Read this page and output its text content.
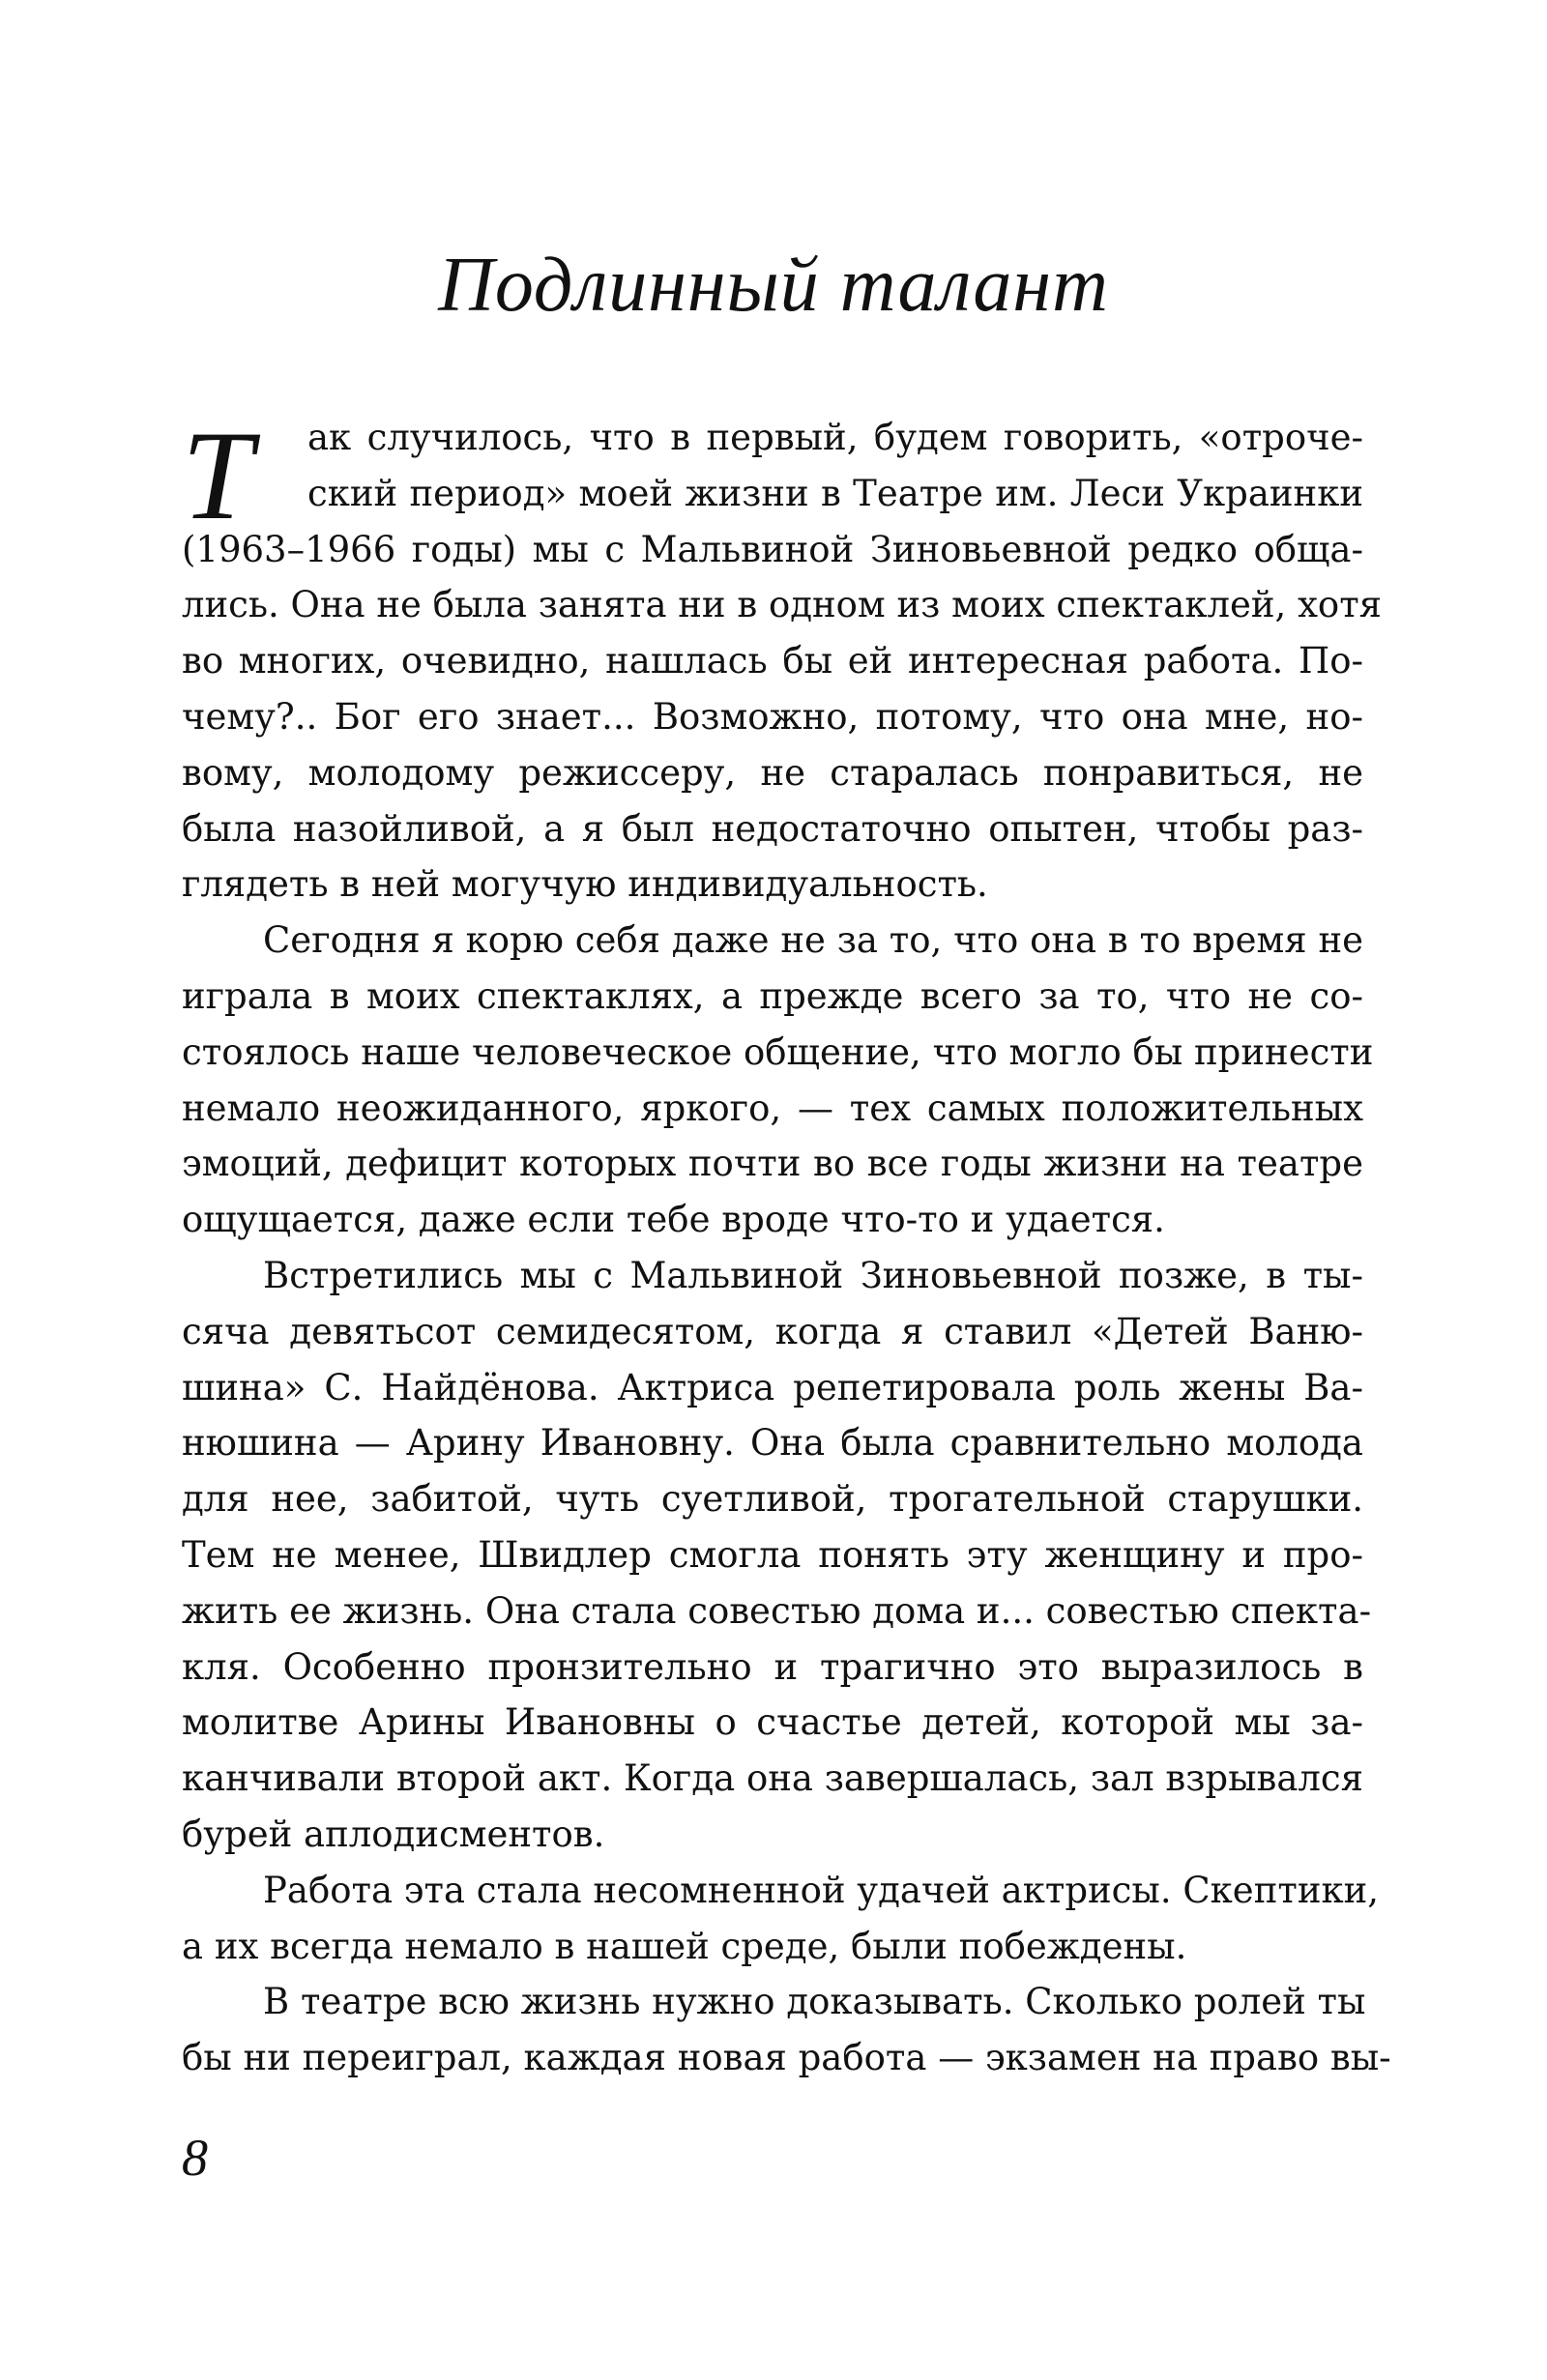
Подлинный талант
Т	ак случилось, что в первый, будем говорить, «отроче-
ский период» моей жизни в Театре им. Леси Украинки
(1963–1966 годы) мы с Мальвиной Зиновьевной редко обща-
лись. Она не была занята ни в одном из моих спектаклей, хотя
во многих, очевидно, нашлась бы ей интересная работа. По-
чему?.. Бог его знает... Возможно, потому, что она мне, но-
вому, молодому режиссеру, не старалась понравиться, не
была назойливой, а я был недостаточно опытен, чтобы раз-
глядеть в ней могучую индивидуальность.
Сегодня я корю себя даже не за то, что она в то время не
играла в моих спектаклях, а прежде всего за то, что не со-
стоялось наше человеческое общение, что могло бы принести
немало неожиданного, яркого, — тех самых положительных
эмоций, дефицит которых почти во все годы жизни на театре
ощущается, даже если тебе вроде что-то и удается.
Встретились мы с Мальвиной Зиновьевной позже, в ты-
сяча девятьсот семидесятом, когда я ставил «Детей Ваню-
шина» С. Найдёнова. Актриса репетировала роль жены Ва-
нюшина — Арину Ивановну. Она была сравнительно молода
для нее, забитой, чуть суетливой, трогательной старушки.
Тем не менее, Швидлер смогла понять эту женщину и про-
жить ее жизнь. Она стала совестью дома и... совестью спекта-
кля. Особенно пронзительно и трагично это выразилось в
молитве Арины Ивановны о счастье детей, которой мы за-
канчивали второй акт. Когда она завершалась, зал взрывался
бурей аплодисментов.
Работа эта стала несомненной удачей актрисы. Скептики,
а их всегда немало в нашей среде, были побеждены.
В театре всю жизнь нужно доказывать. Сколько ролей ты
бы ни переиграл, каждая новая работа — экзамен на право вы-
8
